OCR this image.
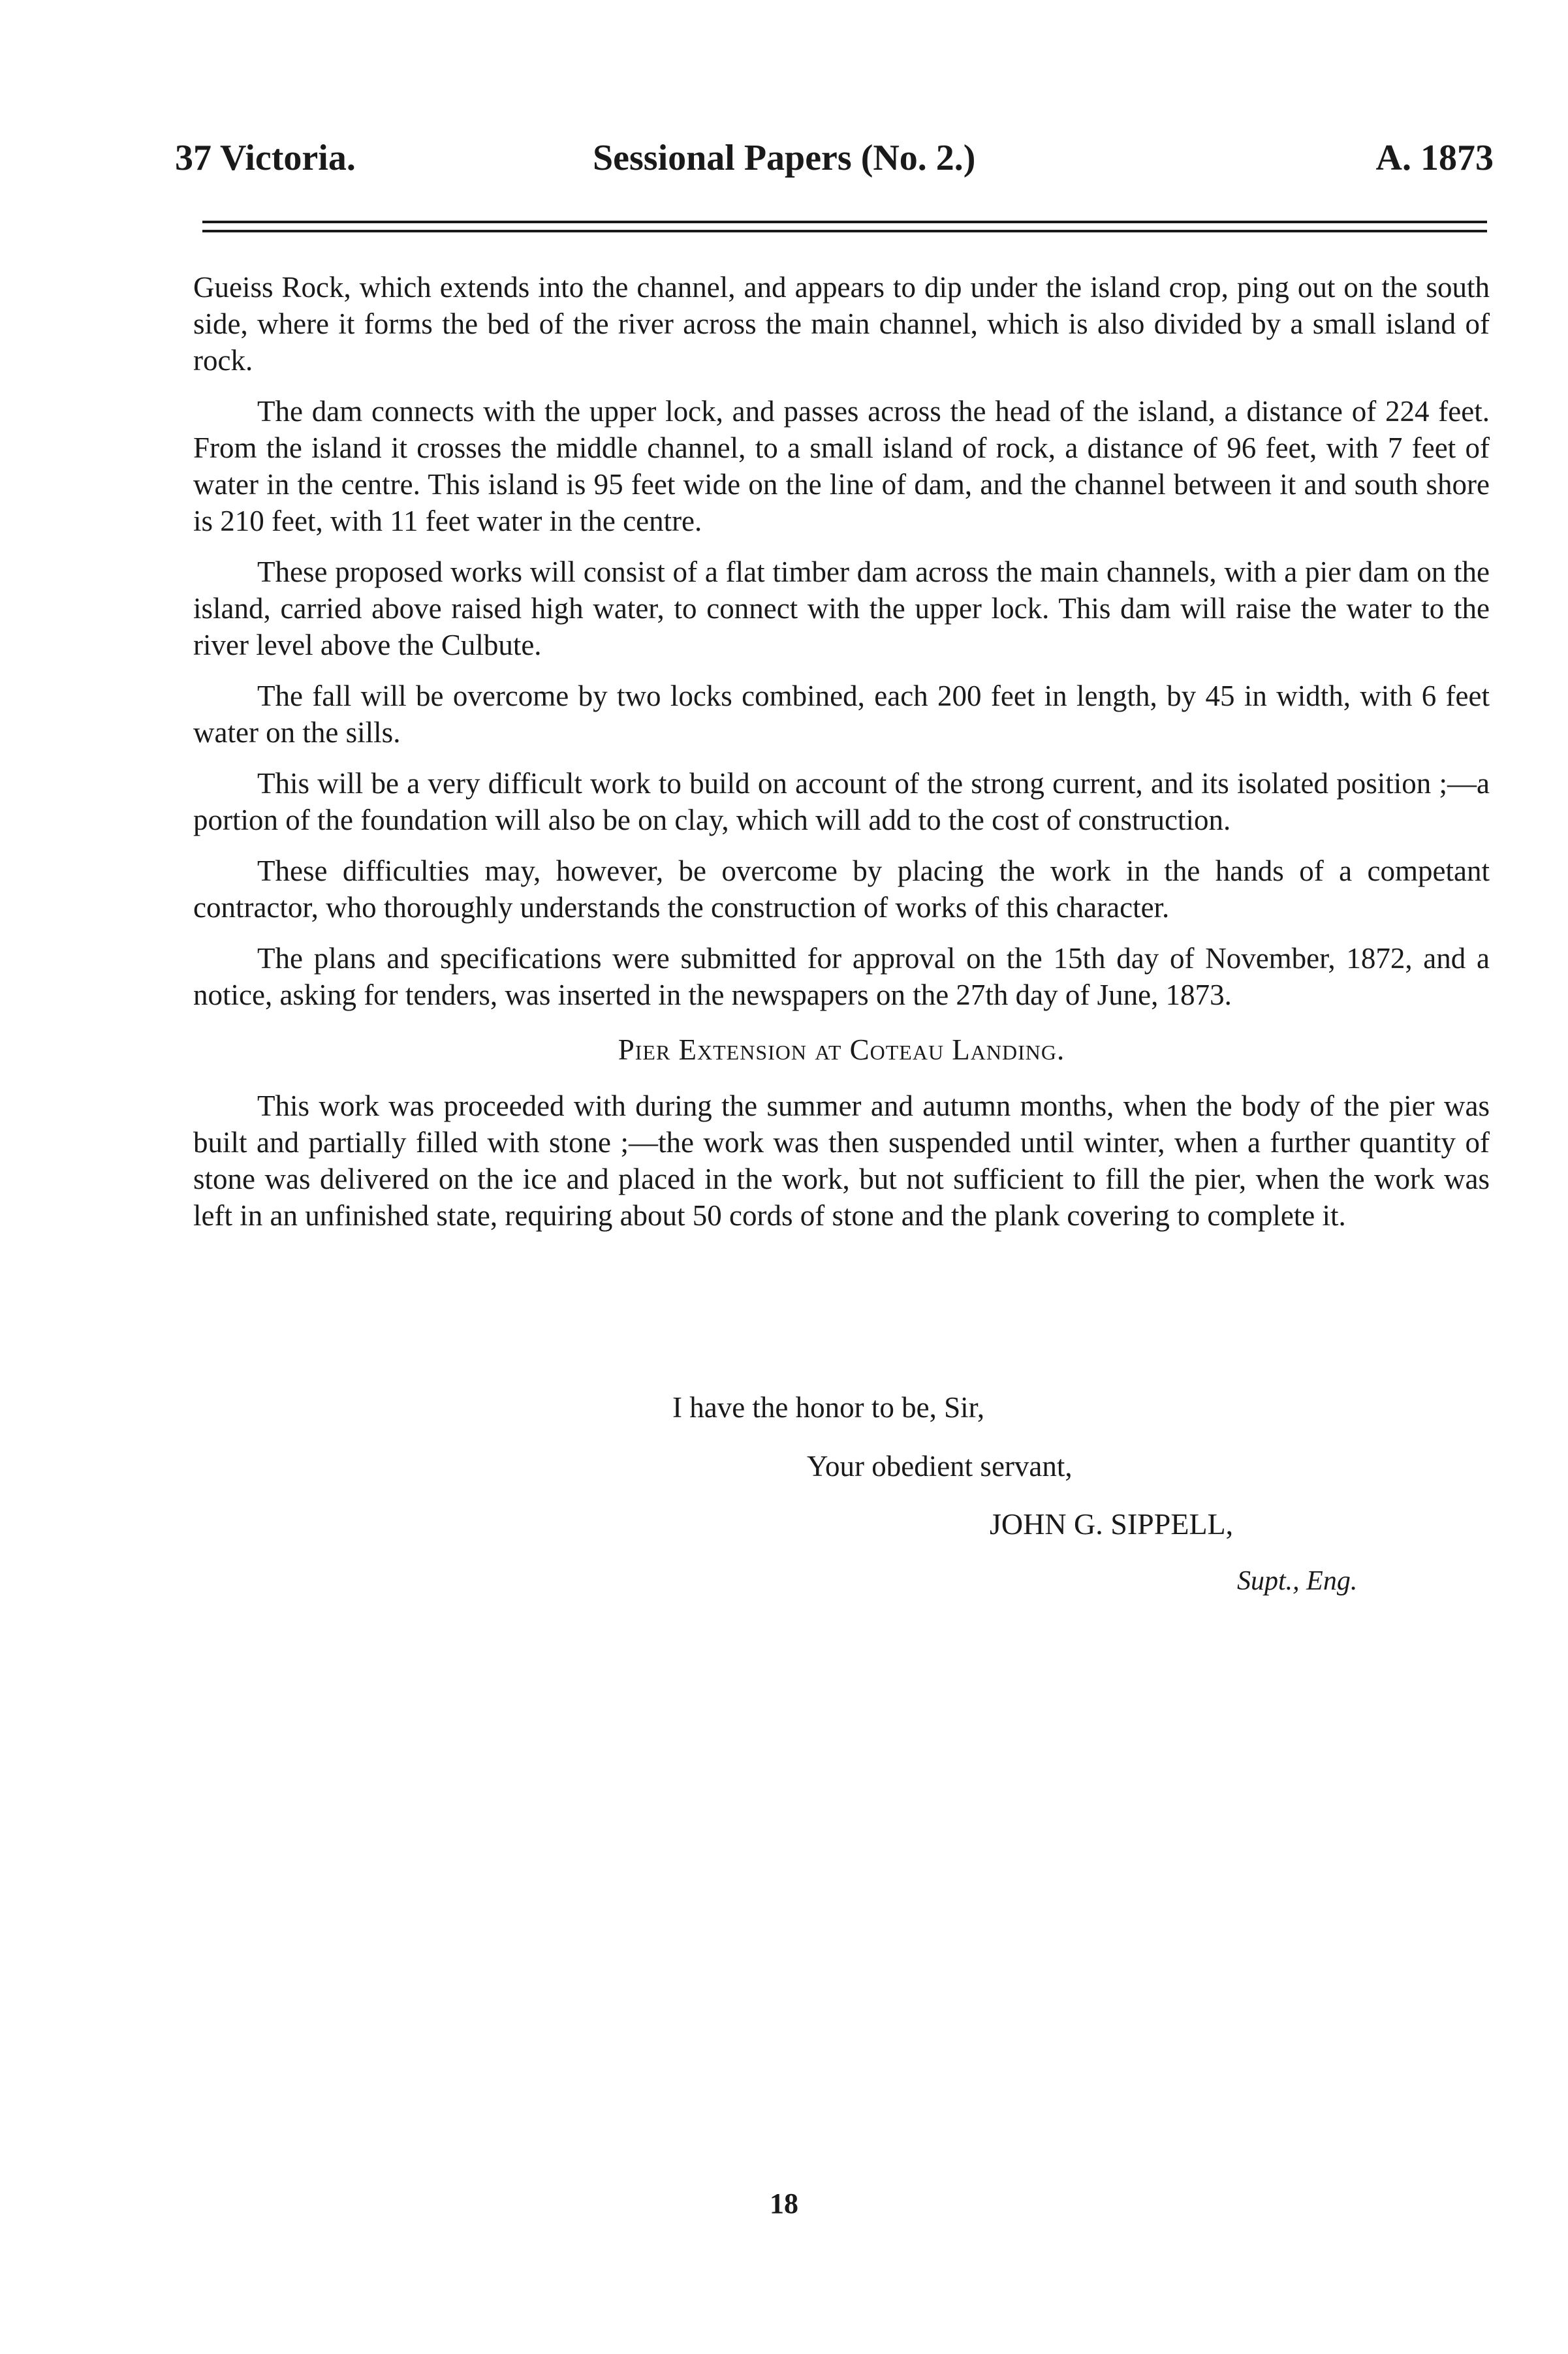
37 Victoria.	Sessional Papers (No. 2.)	A. 1873

Gueiss Rock, which extends into the channel, and appears to dip under the island crop, ping out on the south side, where it forms the bed of the river across the main channel, which is also divided by a small island of rock.

The dam connects with the upper lock, and passes across the head of the island, a distance of 224 feet. From the island it crosses the middle channel, to a small island of rock, a distance of 96 feet, with 7 feet of water in the centre. This island is 95 feet wide on the line of dam, and the channel between it and south shore is 210 feet, with 11 feet water in the centre.

These proposed works will consist of a flat timber dam across the main channels, with a pier dam on the island, carried above raised high water, to connect with the upper lock. This dam will raise the water to the river level above the Culbute.

The fall will be overcome by two locks combined, each 200 feet in length, by 45 in width, with 6 feet water on the sills.

This will be a very difficult work to build on account of the strong current, and its isolated position ;—a portion of the foundation will also be on clay, which will add to the cost of construction.

These difficulties may, however, be overcome by placing the work in the hands of a competant contractor, who thoroughly understands the construction of works of this character.

The plans and specifications were submitted for approval on the 15th day of November, 1872, and a notice, asking for tenders, was inserted in the newspapers on the 27th day of June, 1873.

Pier Extension at Coteau Landing.

This work was proceeded with during the summer and autumn months, when the body of the pier was built and partially filled with stone ;—the work was then suspended until winter, when a further quantity of stone was delivered on the ice and placed in the work, but not sufficient to fill the pier, when the work was left in an unfinished state, requiring about 50 cords of stone and the plank covering to complete it.

I have the honor to be, Sir,
Your obedient servant,
JOHN G. SIPPELL,
Supt., Eng.
18
